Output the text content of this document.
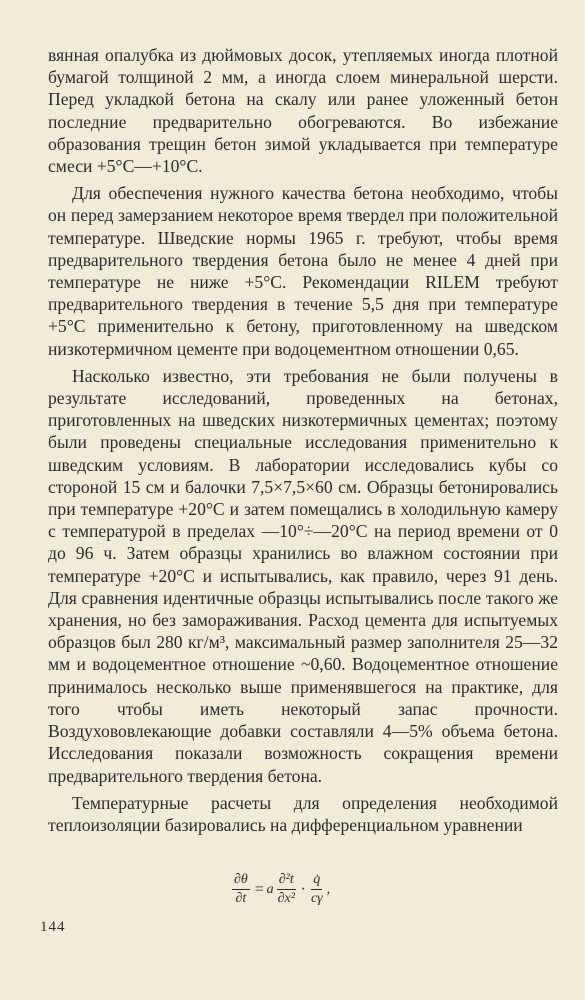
вянная опалубка из дюймовых досок, утепляемых иногда плотной бумагой толщиной 2 мм, а иногда слоем минеральной шерсти. Перед укладкой бетона на скалу или ранее уложенный бетон последние предварительно обогреваются. Во избежание образования трещин бетон зимой укладывается при температуре смеси +5°С—+10°С.

Для обеспечения нужного качества бетона необходимо, чтобы он перед замерзанием некоторое время твердел при положительной температуре. Шведские нормы 1965 г. требуют, чтобы время предварительного твердения бетона было не менее 4 дней при температуре не ниже +5°С. Рекомендации RILEM требуют предварительного твердения в течение 5,5 дня при температуре +5°С применительно к бетону, приготовленному на шведском низкотермичном цементе при водоцементном отношении 0,65.

Насколько известно, эти требования не были получены в результате исследований, проведенных на бетонах, приготовленных на шведских низкотермичных цементах; поэтому были проведены специальные исследования применительно к шведским условиям. В лаборатории исследовались кубы со стороной 15 см и балочки 7,5×7,5×60 см. Образцы бетонировались при температуре +20°С и затем помещались в холодильную камеру с температурой в пределах —10°÷—20°С на период времени от 0 до 96 ч. Затем образцы хранились во влажном состоянии при температуре +20°С и испытывались, как правило, через 91 день. Для сравнения идентичные образцы испытывались после такого же хранения, но без замораживания. Расход цемента для испытуемых образцов был 280 кг/м³, максимальный размер заполнителя 25—32 мм и водоцементное отношение ~0,60. Водоцементное отношение принималось несколько выше применявшегося на практике, для того чтобы иметь некоторый запас прочности. Воздухововлекающие добавки составляли 4—5% объема бетона. Исследования показали возможность сокращения времени предварительного твердения бетона.

Температурные расчеты для определения необходимой теплоизоляции базировались на дифференциальном уравнении

$\frac{\partial\theta}{\partial t} = a \frac{\text{∂²t}}{\text{∂x²}} \cdot \frac{q̇}{c\gamma}$ ,
144
